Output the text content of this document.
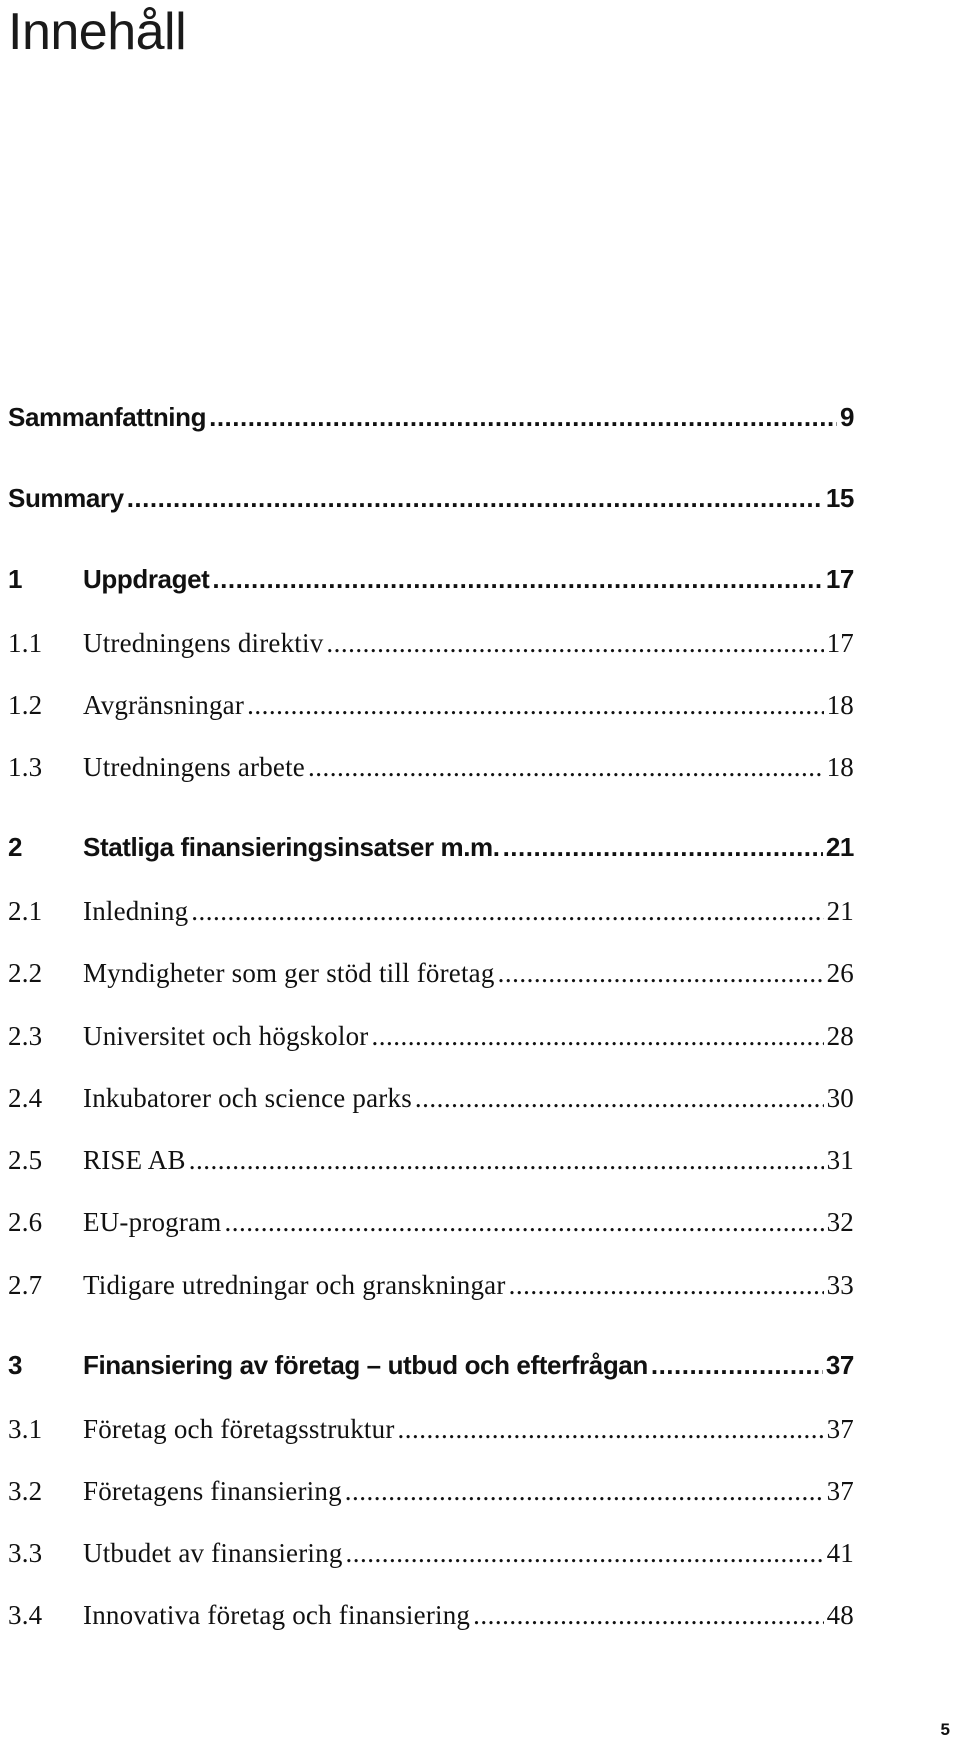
Innehåll
Sammanfattning .....	9
Summary .....	15
1	Uppdraget .....	17
1.1	Utredningens direktiv .....	17
1.2	Avgränsningar .....	18
1.3	Utredningens arbete .....	18
2	Statliga finansieringsinsatser m.m. .....	21
2.1	Inledning .....	21
2.2	Myndigheter som ger stöd till företag .....	26
2.3	Universitet och högskolor .....	28
2.4	Inkubatorer och science parks .....	30
2.5	RISE AB .....	31
2.6	EU-program .....	32
2.7	Tidigare utredningar och granskningar .....	33
3	Finansiering av företag – utbud och efterfrågan .....	37
3.1	Företag och företagsstruktur .....	37
3.2	Företagens finansiering .....	37
3.3	Utbudet av finansiering .....	41
3.4	Innovativa företag och finansiering .....	48
5
